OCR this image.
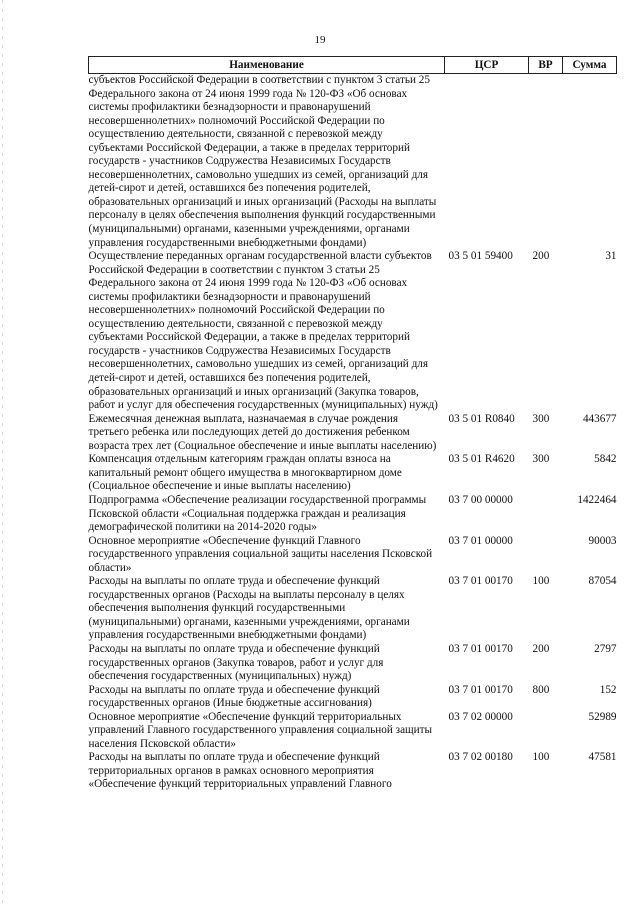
19
Наименование	ЦСР	ВР	Сумма
субъектов Российской Федерации в соответствии с пунктом 3 статьи 25 Федерального закона от 24 июня 1999 года № 120-ФЗ «Об основах системы профилактики безнадзорности и правонарушений несовершеннолетних» полномочий Российской Федерации по осуществлению деятельности, связанной с перевозкой между субъектами Российской Федерации, а также в пределах территорий государств - участников Содружества Независимых Государств несовершеннолетних, самовольно ушедших из семей, организаций для детей-сирот и детей, оставшихся без попечения родителей, образовательных организаций и иных организаций (Расходы на выплаты персоналу в целях обеспечения выполнения функций государственными (муниципальными) органами, казенными учреждениями, органами управления государственными внебюджетными фондами)			
Осуществление переданных органам государственной власти субъектов Российской Федерации в соответствии с пунктом 3 статьи 25 Федерального закона от 24 июня 1999 года № 120-ФЗ «Об основах системы профилактики безнадзорности и правонарушений несовершеннолетних» полномочий Российской Федерации по осуществлению деятельности, связанной с перевозкой между субъектами Российской Федерации, а также в пределах территорий государств - участников Содружества Независимых Государств несовершеннолетних, самовольно ушедших из семей, организаций для детей-сирот и детей, оставшихся без попечения родителей, образовательных организаций и иных организаций (Закупка товаров, работ и услуг для обеспечения государственных (муниципальных) нужд)	03 5 01 59400	200	31
Ежемесячная денежная выплата, назначаемая в случае рождения третьего ребенка или последующих детей до достижения ребенком возраста трех лет (Социальное обеспечение и иные выплаты населению)	03 5 01 R0840	300	443677
Компенсация отдельным категориям граждан оплаты взноса на капитальный ремонт общего имущества в многоквартирном доме (Социальное обеспечение и иные выплаты населению)	03 5 01 R4620	300	5842
Подпрограмма «Обеспечение реализации государственной программы Псковской области «Социальная поддержка граждан и реализация демографической политики на 2014-2020 годы»	03 7 00 00000		1422464
Основное мероприятие «Обеспечение функций Главного государственного управления социальной защиты населения Псковской области»	03 7 01 00000		90003
Расходы на выплаты по оплате труда и обеспечение функций государственных органов (Расходы на выплаты персоналу в целях обеспечения выполнения функций государственными (муниципальными) органами, казенными учреждениями, органами управления государственными внебюджетными фондами)	03 7 01 00170	100	87054
Расходы на выплаты по оплате труда и обеспечение функций государственных органов (Закупка товаров, работ и услуг для обеспечения государственных (муниципальных) нужд)	03 7 01 00170	200	2797
Расходы на выплаты по оплате труда и обеспечение функций государственных органов (Иные бюджетные ассигнования)	03 7 01 00170	800	152
Основное мероприятие «Обеспечение функций территориальных управлений Главного государственного управления социальной защиты населения Псковской области»	03 7 02 00000		52989
Расходы на выплаты по оплате труда и обеспечение функций территориальных органов в рамках основного мероприятия «Обеспечение функций территориальных управлений Главного	03 7 02 00180	100	47581
